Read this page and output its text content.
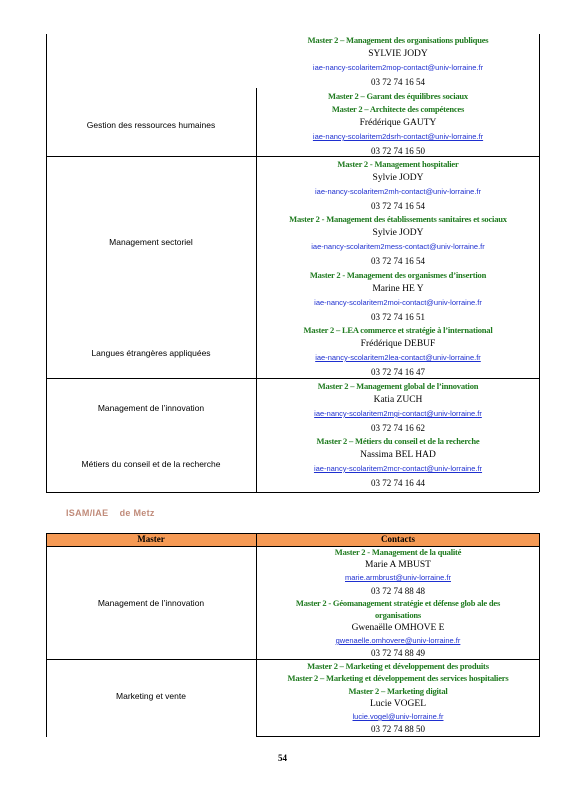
Master 2 – Management des organisations publiques
SYLVIE JODY
iae-nancy-scolaritem2mop-contact@univ-lorraine.fr
03 72 74 16 54
Master 2 – Garant des équilibres sociaux
Master 2 – Architecte des compétences
Frédérique GAUTY
iae-nancy-scolaritem2dsrh-contact@univ-lorraine.fr
03 72 74 16 50
Master 2 - Management hospitalier
Sylvie JODY
iae-nancy-scolaritem2mh-contact@univ-lorraine.fr
03 72 74 16 54
Master 2 - Management des établissements sanitaires et sociaux
Sylvie JODY
iae-nancy-scolaritem2mess-contact@univ-lorraine.fr
03 72 74 16 54
Master 2 - Management des organismes d’insertion
Marine HE Y
iae-nancy-scolaritem2moi-contact@univ-lorraine.fr
03 72 74 16 51
Master 2 – LEA commerce et stratégie à l’international
Frédérique DEBUF
iae-nancy-scolaritem2lea-contact@univ-lorraine.fr
03 72 74 16 47
Master 2 – Management global de l’innovation
Katia ZUCH
iae-nancy-scolaritem2mgi-contact@univ-lorraine.fr
03 72 74 16 62
Master 2 – Métiers du conseil et de la recherche
Nassima BEL HAD
iae-nancy-scolaritem2mcr-contact@univ-lorraine.fr
03 72 74 16 44
Gestion des ressources humaines
Management sectoriel
Langues étrangères appliquées
Management de l’innovation
Métiers du conseil et de la recherche
ISAM/IAE    de Metz
Master	Contacts
Master 2 - Management de la qualité
Marie A MBUST
marie.armbrust@univ-lorraine.fr
03 72 74 88 48
Master 2 - Géomanagement stratégie et défense glob ale des
organisations
Gwenaëlle OMHOVE E
gwenaelle.omhovere@univ-lorraine.fr
03 72 74 88 49
Master 2 – Marketing et développement des produits
Master 2 – Marketing et développement des services hospitaliers
Master 2 – Marketing digital
Lucie VOGEL
lucie.vogel@univ-lorraine.fr
03 72 74 88 50
Management de l’innovation
Marketing et vente
54
